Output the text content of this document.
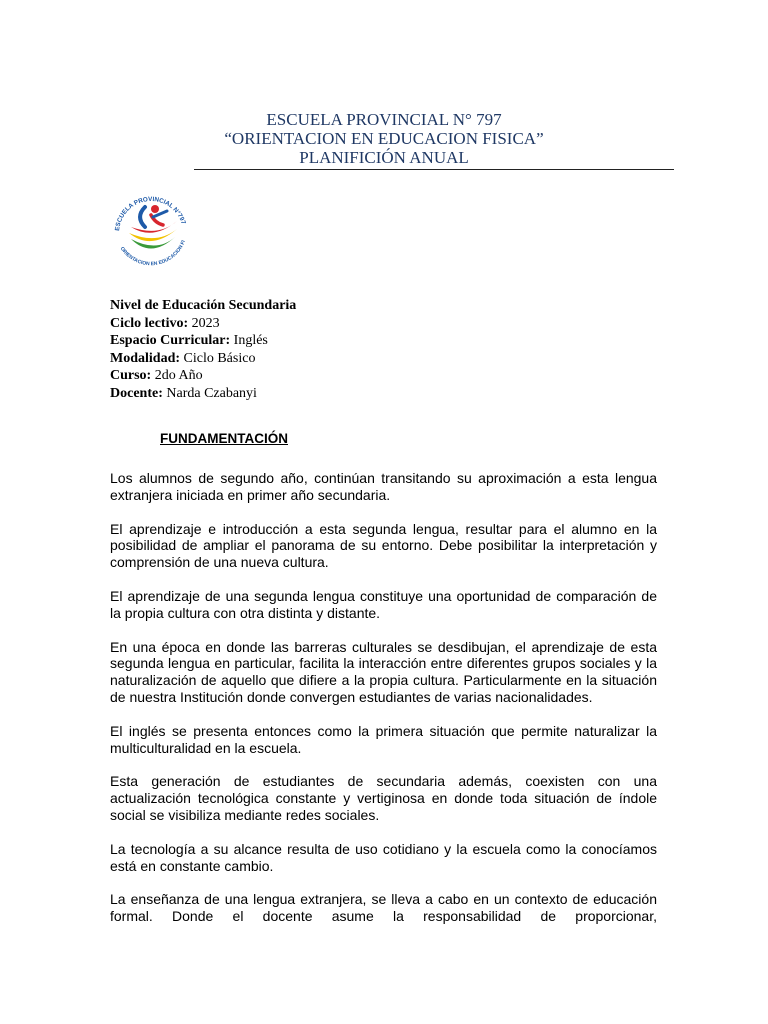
ESCUELA PROVINCIAL N° 797
“ORIENTACION EN EDUCACION FISICA”
PLANIFICIÓN ANUAL
ESCUELA PROVINCIAL N°797
ORIENTACION EN EDUCACION FI
Nivel de Educación Secundaria
Ciclo lectivo: 2023
Espacio Curricular: Inglés
Modalidad: Ciclo Básico
Curso: 2do Año
Docente: Narda Czabanyi
FUNDAMENTACIÓN

Los alumnos de segundo año, continúan transitando su aproximación a esta lengua extranjera iniciada en primer año secundaria.

El aprendizaje e introducción a esta segunda lengua, resultar para el alumno en la posibilidad de ampliar el panorama de su entorno. Debe posibilitar la interpretación y comprensión de una nueva cultura.

El aprendizaje de una segunda lengua constituye una oportunidad de comparación de la propia cultura con otra distinta y distante.

En una época en donde las barreras culturales se desdibujan, el aprendizaje de esta segunda lengua en particular, facilita la interacción entre diferentes grupos sociales y la naturalización de aquello que difiere a la propia cultura. Particularmente en la situación de nuestra Institución donde convergen estudiantes de varias nacionalidades.

El inglés se presenta entonces como la primera situación que permite naturalizar la multiculturalidad en la escuela.

Esta generación de estudiantes de secundaria además, coexisten con una actualización tecnológica constante y vertiginosa en donde toda situación de índole social se visibiliza mediante redes sociales.

La tecnología a su alcance resulta de uso cotidiano y la escuela como la conocíamos está en constante cambio.

La enseñanza de una lengua extranjera, se lleva a cabo en un contexto de educación formal. Donde el docente asume la responsabilidad de proporcionar,
